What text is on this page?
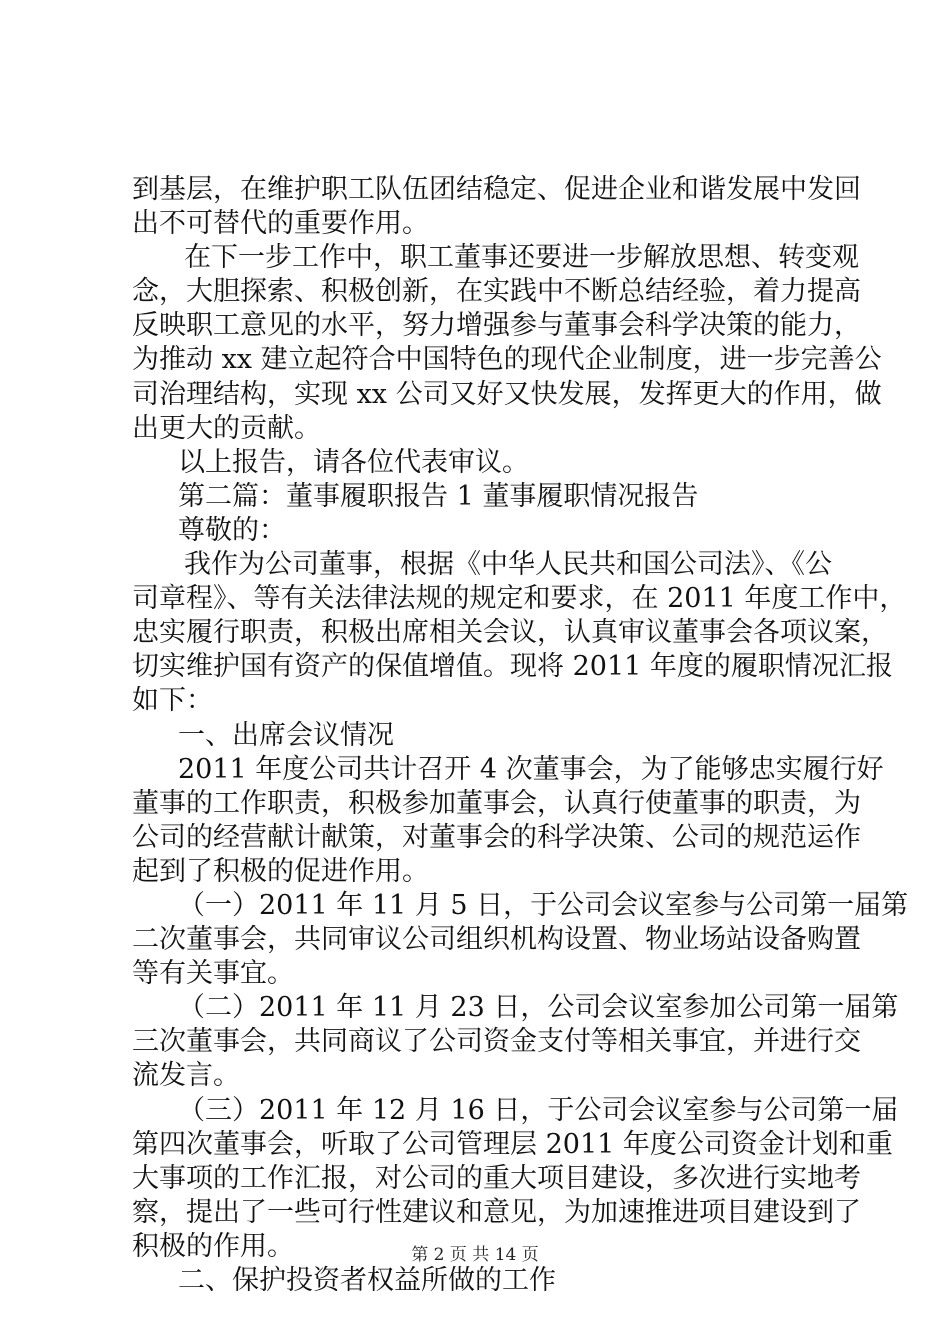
到基层，在维护职工队伍团结稳定、促进企业和谐发展中发回
出不可替代的重要作用。
在下一步工作中，职工董事还要进一步解放思想、转变观
念，大胆探索、积极创新，在实践中不断总结经验，着力提高
反映职工意见的水平，努力增强参与董事会科学决策的能力，
为推动 xx 建立起符合中国特色的现代企业制度，进一步完善公
司治理结构，实现 xx 公司又好又快发展，发挥更大的作用，做
出更大的贡献。
以上报告，请各位代表审议。
第二篇：董事履职报告 1 董事履职情况报告
尊敬的：
我作为公司董事，根据《中华人民共和国公司法》、《公
司章程》、等有关法律法规的规定和要求，在 2011 年度工作中，
忠实履行职责，积极出席相关会议，认真审议董事会各项议案，
切实维护国有资产的保值增值。现将 2011 年度的履职情况汇报
如下：
一、出席会议情况
2011 年度公司共计召开 4 次董事会，为了能够忠实履行好
董事的工作职责，积极参加董事会，认真行使董事的职责，为
公司的经营献计献策，对董事会的科学决策、公司的规范运作
起到了积极的促进作用。
（一）2011 年 11 月 5 日，于公司会议室参与公司第一届第
二次董事会，共同审议公司组织机构设置、物业场站设备购置
等有关事宜。
（二）2011 年 11 月 23 日，公司会议室参加公司第一届第
三次董事会，共同商议了公司资金支付等相关事宜，并进行交
流发言。
（三）2011 年 12 月 16 日，于公司会议室参与公司第一届
第四次董事会，听取了公司管理层 2011 年度公司资金计划和重
大事项的工作汇报，对公司的重大项目建设，多次进行实地考
察，提出了一些可行性建议和意见，为加速推进项目建设到了
积极的作用。
二、保护投资者权益所做的工作
第 2 页 共 14 页
